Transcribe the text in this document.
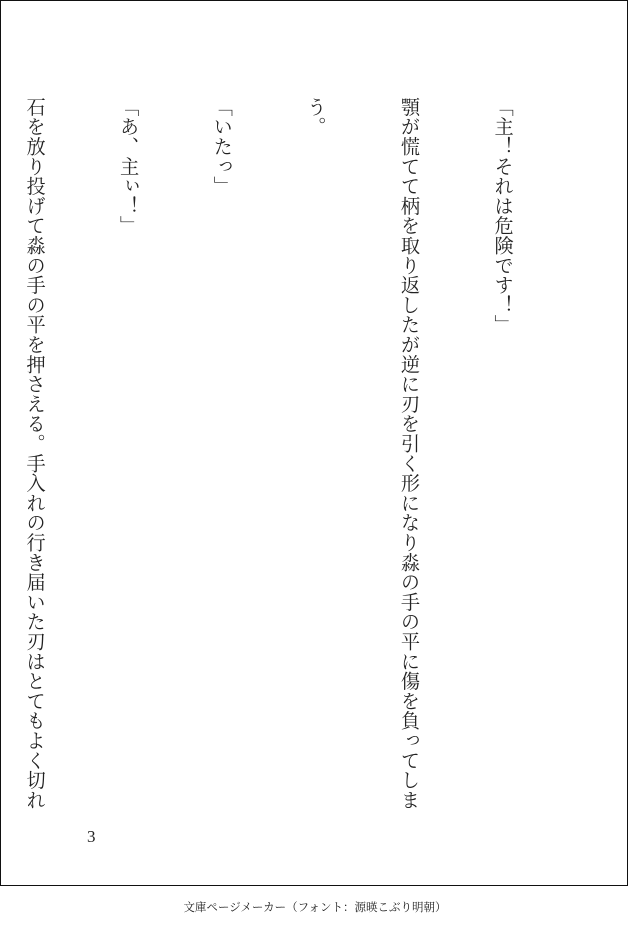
「主！それは危険です！」

顎が慌てて柄を取り返したが逆に刃を引く形になり淼の手の平に傷を負ってしま

う。

「いたっ」

「あ、主ぃ！」

石を放り投げて淼の手の平を押さえる。手入れの行き届いた刃はとてもよく切れ

3
文庫ページメーカー（フォント：源暎こぶり明朝）
